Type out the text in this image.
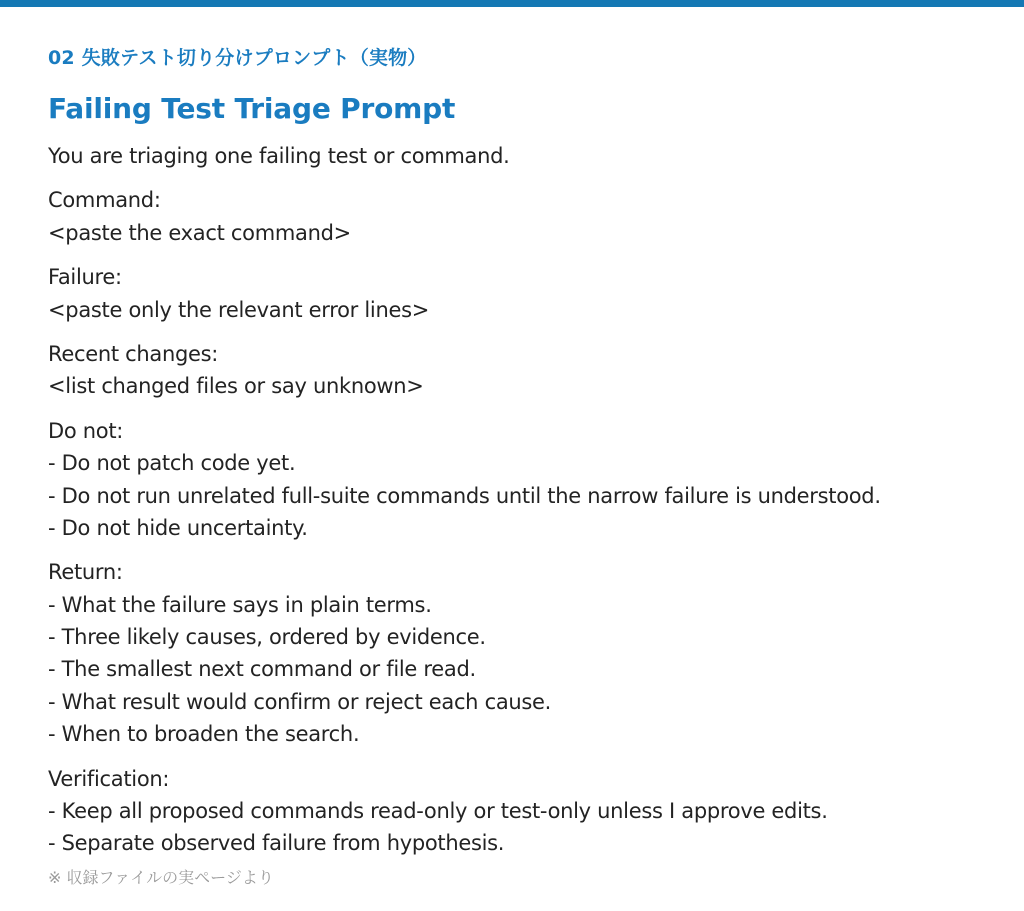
02 失敗テスト切り分けプロンプト（実物）
Failing Test Triage Prompt
You are triaging one failing test or command.
Command:
<paste the exact command>
Failure:
<paste only the relevant error lines>
Recent changes:
<list changed files or say unknown>
Do not:
- Do not patch code yet.
- Do not run unrelated full-suite commands until the narrow failure is understood.
- Do not hide uncertainty.
Return:
- What the failure says in plain terms.
- Three likely causes, ordered by evidence.
- The smallest next command or file read.
- What result would confirm or reject each cause.
- When to broaden the search.
Verification:
- Keep all proposed commands read-only or test-only unless I approve edits.
- Separate observed failure from hypothesis.
※ 収録ファイルの実ページより
